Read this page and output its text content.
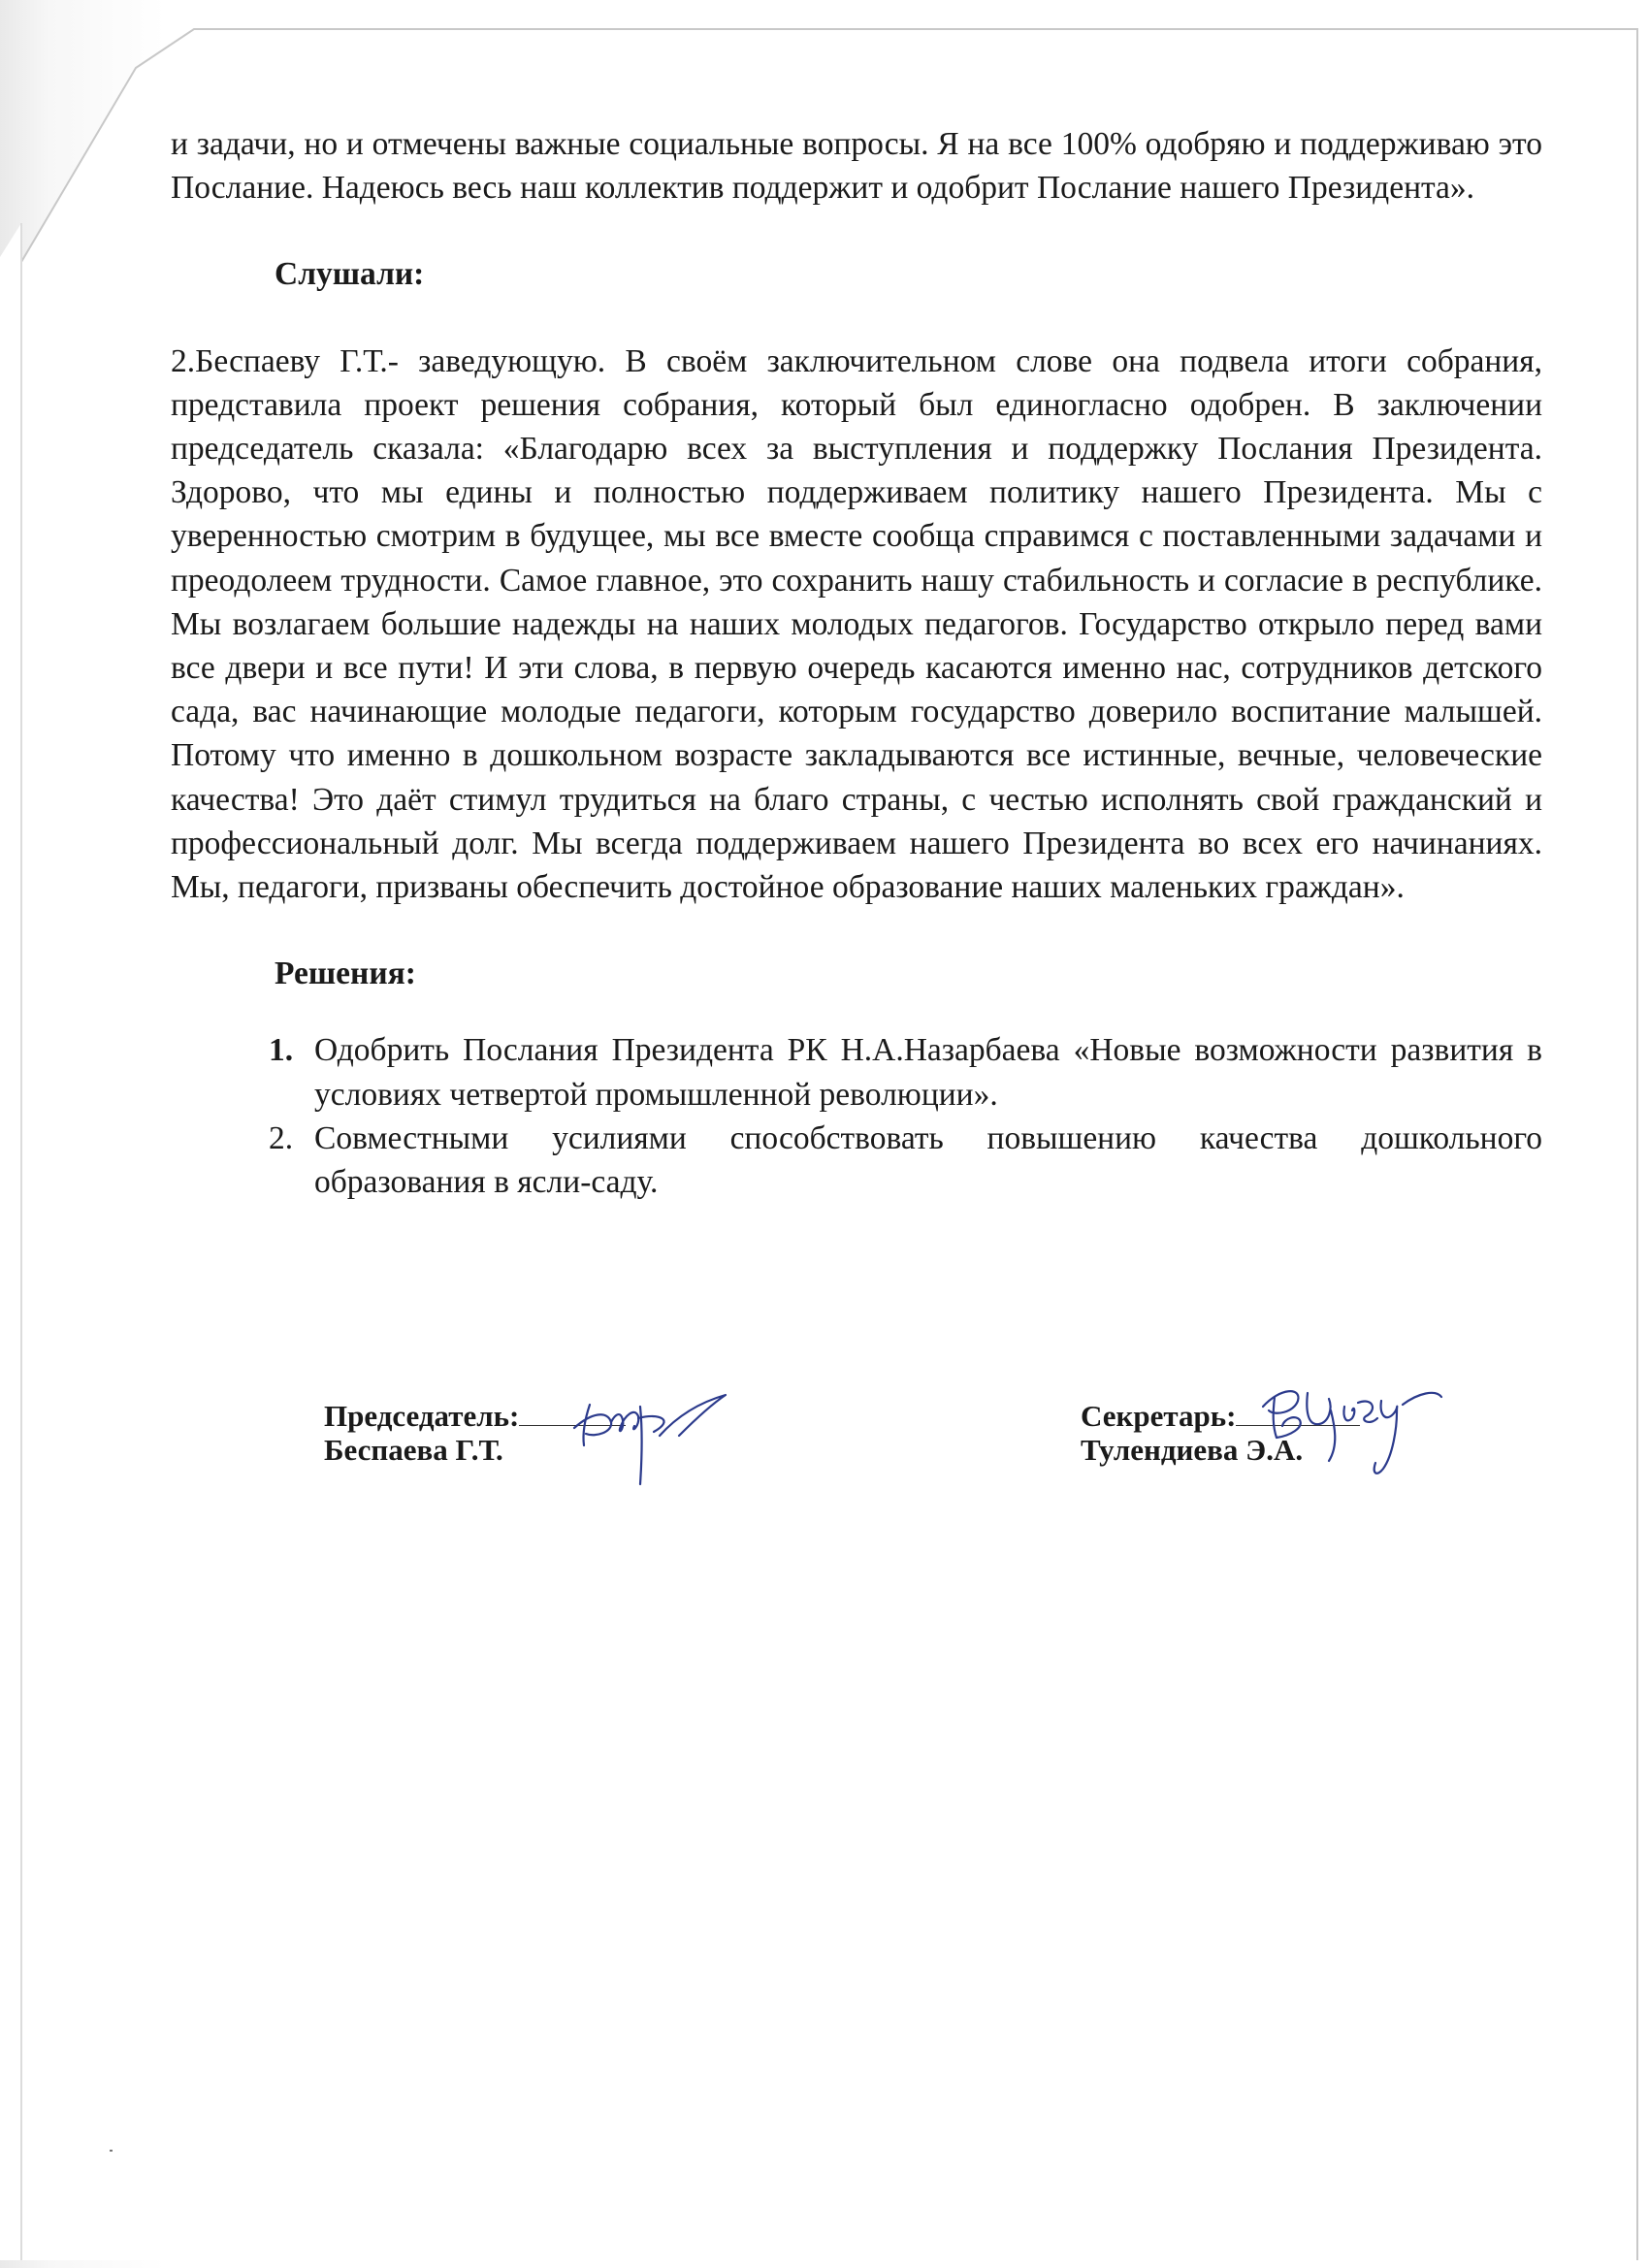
и задачи, но и отмечены важные социальные вопросы. Я на все 100% одобряю и поддерживаю это Послание. Надеюсь весь наш коллектив поддержит и одобрит Послание нашего Президента».

Слушали:

2.Беспаеву Г.Т.- заведующую. В своём заключительном слове она подвела итоги собрания, представила проект решения собрания, который был единогласно одобрен. В заключении председатель сказала: «Благодарю всех за выступления и поддержку Послания Президента. Здорово, что мы едины и полностью поддерживаем политику нашего Президента. Мы с уверенностью смотрим в будущее, мы все вместе сообща справимся с поставленными задачами и преодолеем трудности. Самое главное, это сохранить нашу стабильность и согласие в республике. Мы возлагаем большие надежды на наших молодых педагогов. Государство открыло перед вами все двери и все пути! И эти слова, в первую очередь касаются именно нас, сотрудников детского сада, вас начинающие молодые педагоги, которым государство доверило воспитание малышей. Потому что именно в дошкольном возрасте закладываются все истинные, вечные, человеческие качества! Это даёт стимул трудиться на благо страны, с честью исполнять свой гражданский и профессиональный долг. Мы всегда поддерживаем нашего Президента во всех его начинаниях. Мы, педагоги, призваны обеспечить достойное образование наших маленьких граждан».

Решения:

1. Одобрить Послания Президента РК Н.А.Назарбаева «Новые возможности развития в условиях четвертой промышленной революции».
2. Совместными усилиями способствовать повышению качества дошкольного образования в ясли-саду.
Председатель:
Беспаева Г.Т.
Секретарь:
Тулендиева Э.А.
